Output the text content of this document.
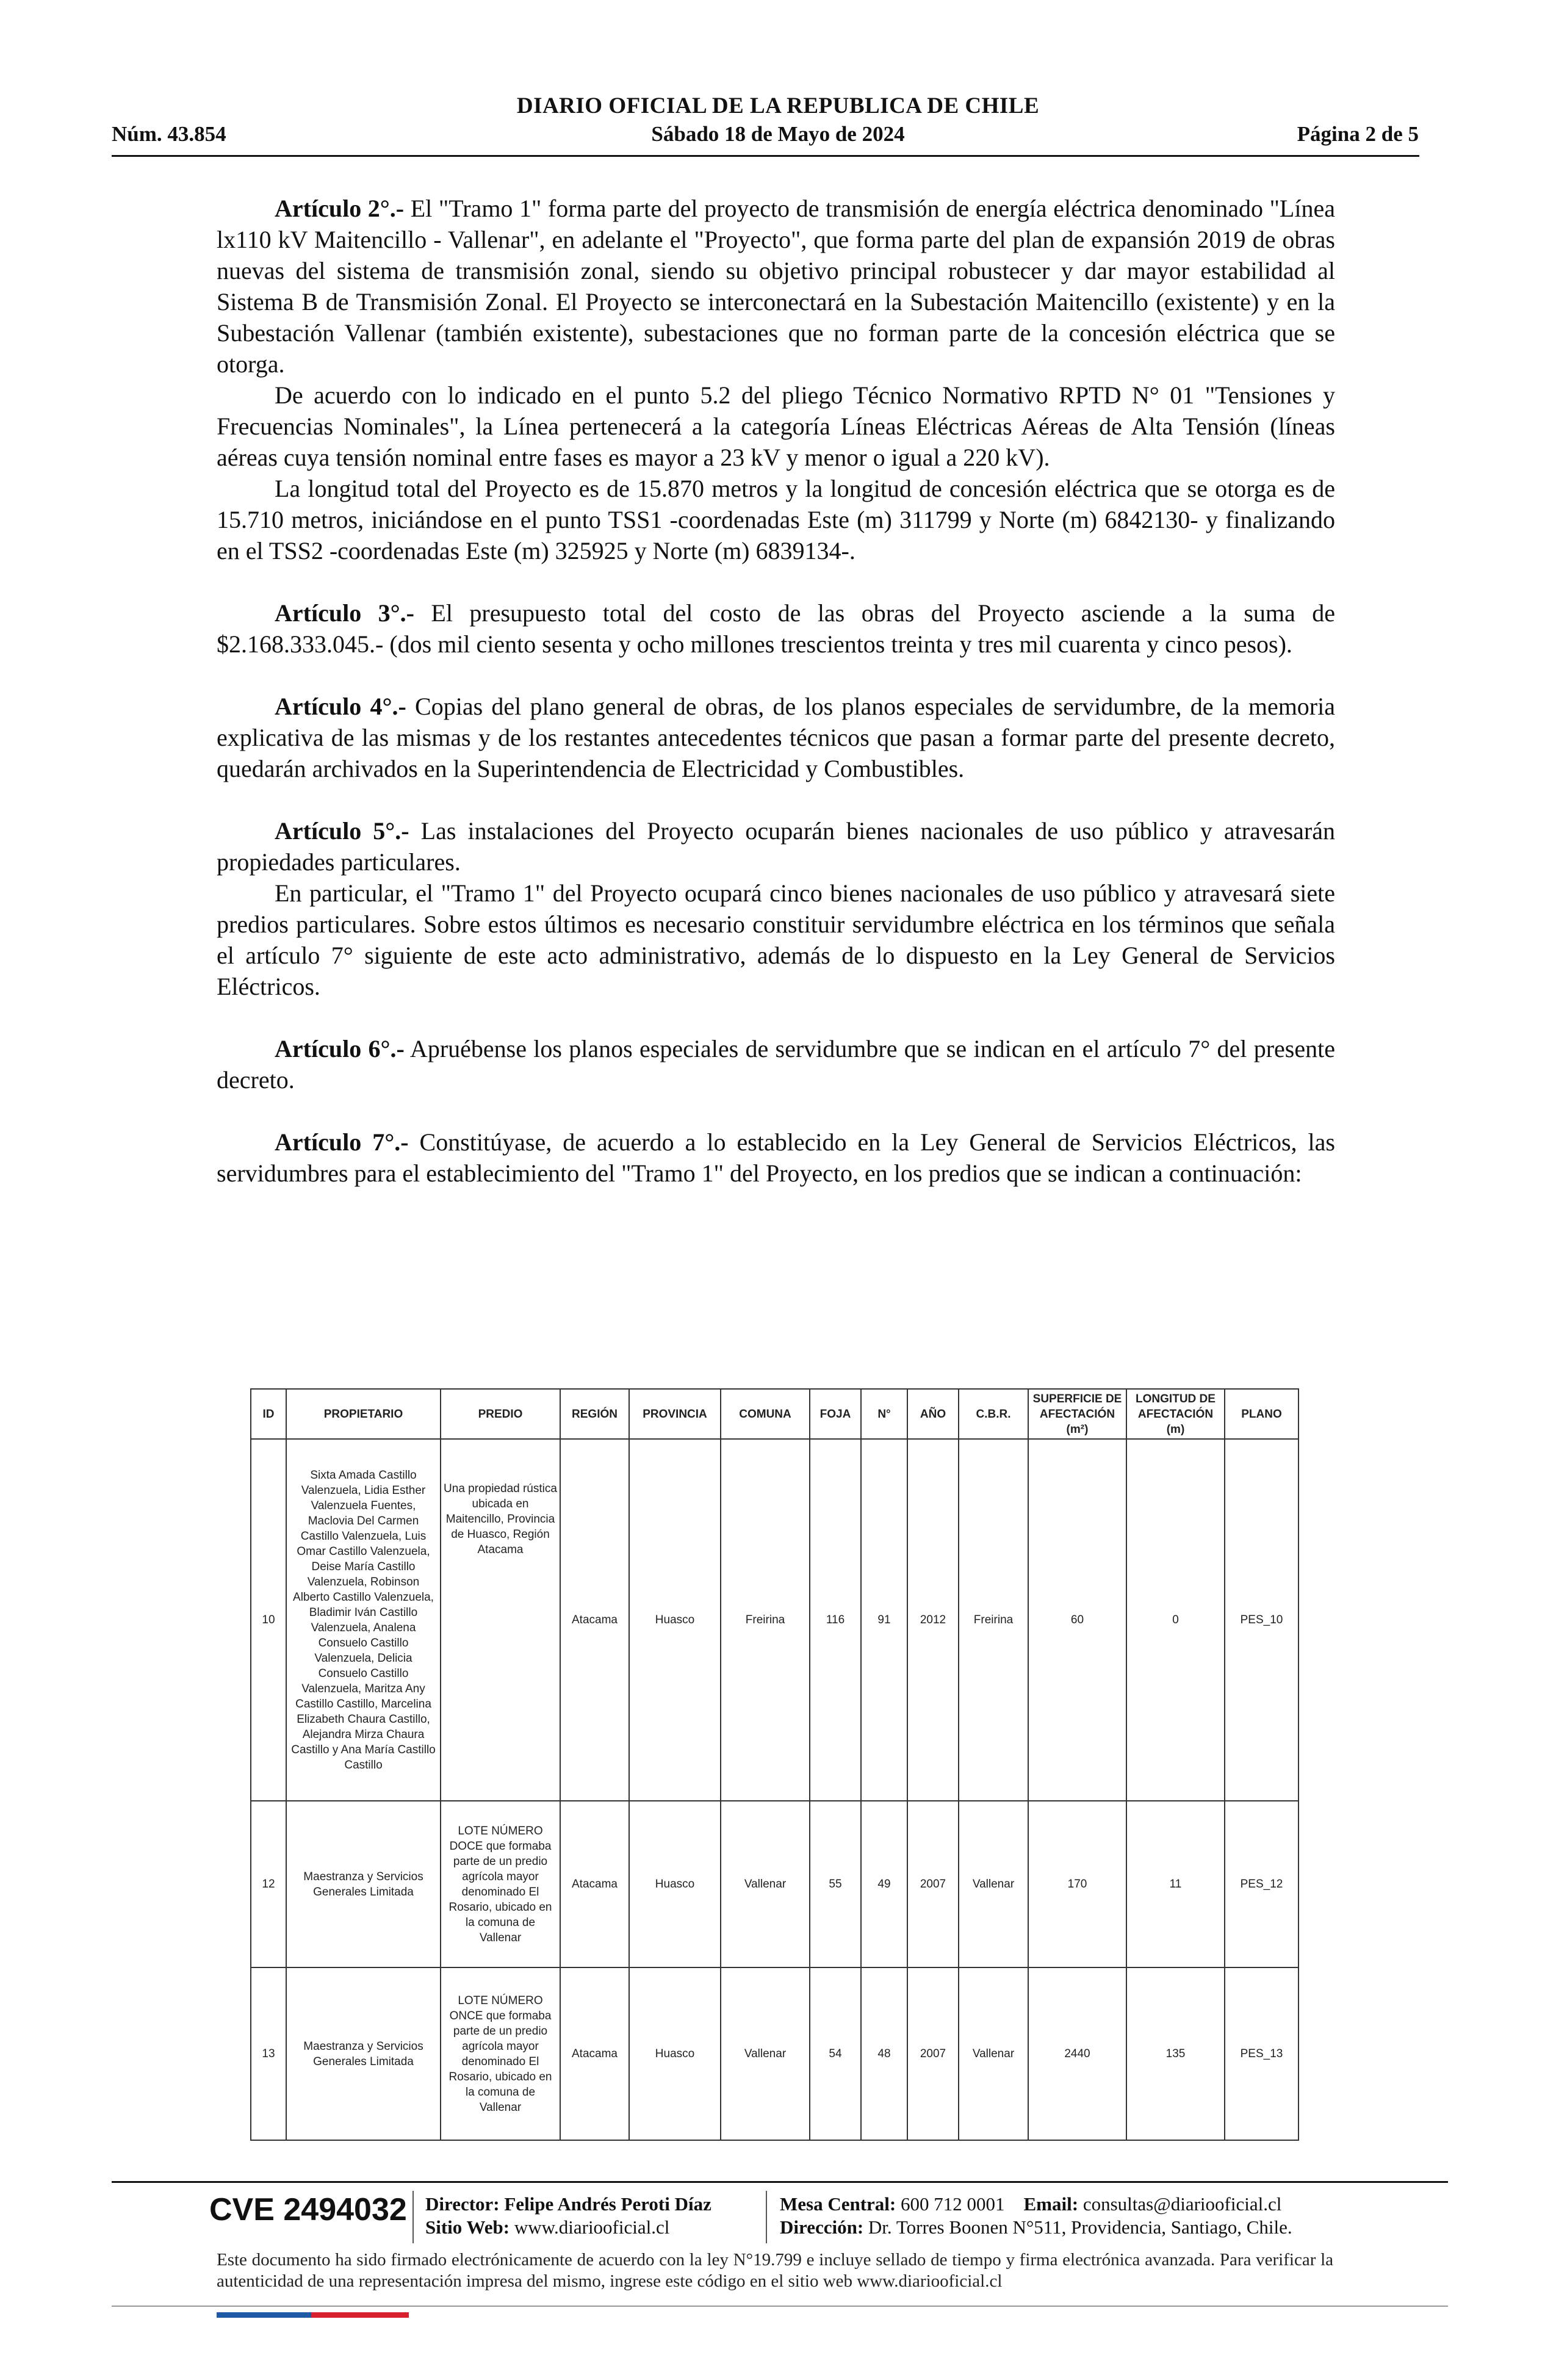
DIARIO OFICIAL DE LA REPUBLICA DE CHILE
Núm. 43.854	Sábado 18 de Mayo de 2024	Página 2 de 5

Artículo 2°.- El "Tramo 1" forma parte del proyecto de transmisión de energía eléctrica denominado "Línea lx110 kV Maitencillo - Vallenar", en adelante el "Proyecto", que forma parte del plan de expansión 2019 de obras nuevas del sistema de transmisión zonal, siendo su objetivo principal robustecer y dar mayor estabilidad al Sistema B de Transmisión Zonal. El Proyecto se interconectará en la Subestación Maitencillo (existente) y en la Subestación Vallenar (también existente), subestaciones que no forman parte de la concesión eléctrica que se otorga.

De acuerdo con lo indicado en el punto 5.2 del pliego Técnico Normativo RPTD N° 01 "Tensiones y Frecuencias Nominales", la Línea pertenecerá a la categoría Líneas Eléctricas Aéreas de Alta Tensión (líneas aéreas cuya tensión nominal entre fases es mayor a 23 kV y menor o igual a 220 kV).

La longitud total del Proyecto es de 15.870 metros y la longitud de concesión eléctrica que se otorga es de 15.710 metros, iniciándose en el punto TSS1 -coordenadas Este (m) 311799 y Norte (m) 6842130- y finalizando en el TSS2 -coordenadas Este (m) 325925 y Norte (m) 6839134-.

Artículo 3°.- El presupuesto total del costo de las obras del Proyecto asciende a la suma de $2.168.333.045.- (dos mil ciento sesenta y ocho millones trescientos treinta y tres mil cuarenta y cinco pesos).

Artículo 4°.- Copias del plano general de obras, de los planos especiales de servidumbre, de la memoria explicativa de las mismas y de los restantes antecedentes técnicos que pasan a formar parte del presente decreto, quedarán archivados en la Superintendencia de Electricidad y Combustibles.

Artículo 5°.- Las instalaciones del Proyecto ocuparán bienes nacionales de uso público y atravesarán propiedades particulares.

En particular, el "Tramo 1" del Proyecto ocupará cinco bienes nacionales de uso público y atravesará siete predios particulares. Sobre estos últimos es necesario constituir servidumbre eléctrica en los términos que señala el artículo 7° siguiente de este acto administrativo, además de lo dispuesto en la Ley General de Servicios Eléctricos.

Artículo 6°.- Apruébense los planos especiales de servidumbre que se indican en el artículo 7° del presente decreto.

Artículo 7°.- Constitúyase, de acuerdo a lo establecido en la Ley General de Servicios Eléctricos, las servidumbres para el establecimiento del "Tramo 1" del Proyecto, en los predios que se indican a continuación:

ID	PROPIETARIO	PREDIO	REGIÓN	PROVINCIA	COMUNA	FOJA	N°	AÑO	C.B.R.	SUPERFICIE DE AFECTACIÓN (m²)	LONGITUD DE AFECTACIÓN (m)	PLANO
10	Sixta Amada Castillo Valenzuela, Lidia Esther Valenzuela Fuentes, Maclovia Del Carmen Castillo Valenzuela, Luis Omar Castillo Valenzuela, Deise María Castillo Valenzuela, Robinson Alberto Castillo Valenzuela, Bladimir Iván Castillo Valenzuela, Analena Consuelo Castillo Valenzuela, Delicia Consuelo Castillo Valenzuela, Maritza Any Castillo Castillo, Marcelina Elizabeth Chaura Castillo, Alejandra Mirza Chaura Castillo y Ana María Castillo Castillo	Una propiedad rústica ubicada en Maitencillo, Provincia de Huasco, Región Atacama	Atacama	Huasco	Freirina	116	91	2012	Freirina	60	0	PES_10
12	Maestranza y Servicios Generales Limitada	LOTE NÚMERO DOCE que formaba parte de un predio agrícola mayor denominado El Rosario, ubicado en la comuna de Vallenar	Atacama	Huasco	Vallenar	55	49	2007	Vallenar	170	11	PES_12
13	Maestranza y Servicios Generales Limitada	LOTE NÚMERO ONCE que formaba parte de un predio agrícola mayor denominado El Rosario, ubicado en la comuna de Vallenar	Atacama	Huasco	Vallenar	54	48	2007	Vallenar	2440	135	PES_13
CVE 2494032 Director: Felipe Andrés Peroti Díaz
Sitio Web: www.diariooficial.cl
Mesa Central: 600 712 0001 Email: consultas@diariooficial.cl
Dirección: Dr. Torres Boonen N°511, Providencia, Santiago, Chile.
Este documento ha sido firmado electrónicamente de acuerdo con la ley N°19.799 e incluye sellado de tiempo y firma electrónica avanzada. Para verificar la autenticidad de una representación impresa del mismo, ingrese este código en el sitio web www.diariooficial.cl
